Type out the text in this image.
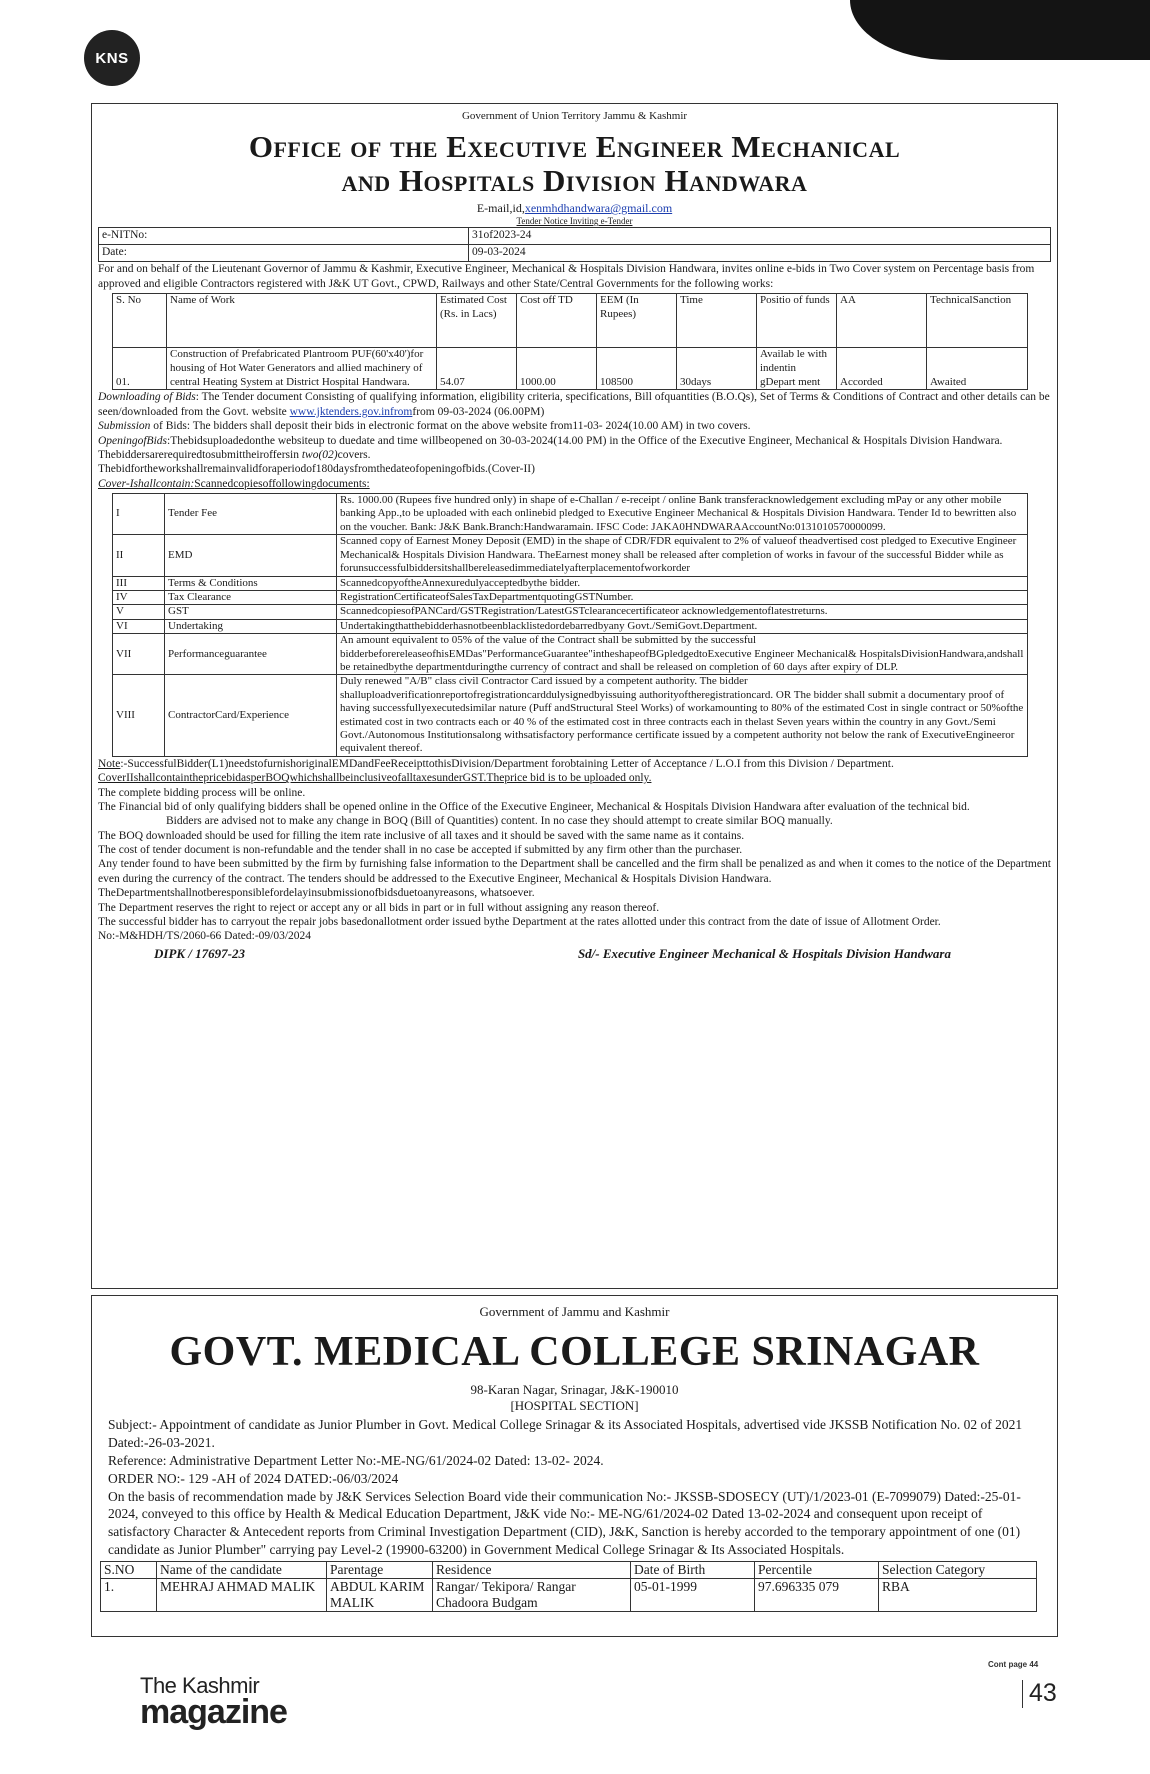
KNS
Government of Union Territory Jammu & Kashmir
Office of the Executive Engineer Mechanical
and Hospitals Division Handwara
E-mail,id,xenmhdhandwara@gmail.com
Tender Notice Inviting e-Tender
e-NITNo:	31of2023-24
Date:	09-03-2024

For and on behalf of the Lieutenant Governor of Jammu & Kashmir, Executive Engineer, Mechanical & Hospitals Division Handwara, invites online e-bids in Two Cover system on Percentage basis from approved and eligible Contractors registered with J&K UT Govt., CPWD, Railways and other State/Central Governments for the following works:

S. No	Name of Work	Estimated Cost (Rs. in Lacs)	Cost off TD	EEM (In Rupees)	Time	Positio of funds	AA	TechnicalSanction
01.	Construction of Prefabricated Plantroom PUF(60'x40')for housing of Hot Water Generators and allied machinery of central Heating System at District Hospital Handwara.	54.07	1000.00	108500	30days	Availab le with indentin gDepart ment	Accorded	Awaited

Downloading of Bids: The Tender document Consisting of qualifying information, eligibility criteria, specifications, Bill ofquantities (B.O.Qs), Set of Terms & Conditions of Contract and other details can be seen/downloaded from the Govt. website www.jktenders.gov.infromfrom 09-03-2024 (06.00PM)

Submission of Bids: The bidders shall deposit their bids in electronic format on the above website from11-03- 2024(10.00 AM) in two covers.

OpeningofBids:Thebidsuploadedonthe websiteup to duedate and time willbeopened on 30-03-2024(14.00 PM) in the Office of the Executive Engineer, Mechanical & Hospitals Division Handwara.

Thebiddersarerequiredtosubmittheiroffersin two(02)covers.

Thebidfortheworkshallremainvalidforaperiodof180daysfromthedateofopeningofbids.(Cover-II)

Cover-Ishallcontain:Scannedcopiesoffollowingdocuments:

I	Tender Fee	Rs. 1000.00 (Rupees five hundred only) in shape of e-Challan / e-receipt / online Bank transferacknowledgement excluding mPay or any other mobile banking App.,to be uploaded with each onlinebid pledged to Executive Engineer Mechanical & Hospitals Division Handwara. Tender Id to bewritten also on the voucher. Bank: J&K Bank.Branch:Handwaramain. IFSC Code: JAKA0HNDWARAAccountNo:0131010570000099.
II	EMD	Scanned copy of Earnest Money Deposit (EMD) in the shape of CDR/FDR equivalent to 2% of valueof theadvertised cost pledged to Executive Engineer Mechanical& Hospitals Division Handwara. TheEarnest money shall be released after completion of works in favour of the successful Bidder while as forunsuccessfulbiddersitshallbereleasedimmediatelyafterplacementofworkorder
III	Terms & Conditions	ScannedcopyoftheAnnexuredulyacceptedbythe bidder.
IV	Tax Clearance	RegistrationCertificateofSalesTaxDepartmentquotingGSTNumber.
V	GST	ScannedcopiesofPANCard/GSTRegistration/LatestGSTclearancecertificateor acknowledgementoflatestreturns.
VI	Undertaking	Undertakingthatthebidderhasnotbeenblacklistedordebarredbyany Govt./SemiGovt.Department.
VII	Performanceguarantee	An amount equivalent to 05% of the value of the Contract shall be submitted by the successful bidderbeforereleaseofhisEMDas"PerformanceGuarantee"intheshapeofBGpledgedtoExecutive Engineer Mechanical& HospitalsDivisionHandwara,andshall be retainedbythe departmentduringthe currency of contract and shall be released on completion of 60 days after expiry of DLP.
VIII	ContractorCard/Experience	Duly renewed "A/B" class civil Contractor Card issued by a competent authority. The bidder shalluploadverificationreportofregistrationcarddulysignedbyissuing authorityoftheregistrationcard. OR The bidder shall submit a documentary proof of having successfullyexecutedsimilar nature (Puff andStructural Steel Works) of workamounting to 80% of the estimated Cost in single contract or 50%ofthe estimated cost in two contracts each or 40 % of the estimated cost in three contracts each in thelast Seven years within the country in any Govt./Semi Govt./Autonomous Institutionsalong withsatisfactory performance certificate issued by a competent authority not below the rank of ExecutiveEngineeror equivalent thereof.

Note:-SuccessfulBidder(L1)needstofurnishoriginalEMDandFeeReceipttothisDivision/Department forobtaining Letter of Acceptance / L.O.I from this Division / Department.

CoverIIshallcontainthepricebidasperBOQwhichshallbeinclusiveofalltaxesunderGST.Theprice bid is to be uploaded only.

The complete bidding process will be online.

The Financial bid of only qualifying bidders shall be opened online in the Office of the Executive Engineer, Mechanical & Hospitals Division Handwara after evaluation of the technical bid.

Bidders are advised not to make any change in BOQ (Bill of Quantities) content. In no case they should attempt to create similar BOQ manually.

The BOQ downloaded should be used for filling the item rate inclusive of all taxes and it should be saved with the same name as it contains.

The cost of tender document is non-refundable and the tender shall in no case be accepted if submitted by any firm other than the purchaser.

Any tender found to have been submitted by the firm by furnishing false information to the Department shall be cancelled and the firm shall be penalized as and when it comes to the notice of the Department even during the currency of the contract. The tenders should be addressed to the Executive Engineer, Mechanical & Hospitals Division Handwara.

TheDepartmentshallnotberesponsiblefordelayinsubmissionofbidsduetoanyreasons, whatsoever.

The Department reserves the right to reject or accept any or all bids in part or in full without assigning any reason thereof.

The successful bidder has to carryout the repair jobs basedonallotment order issued bythe Department at the rates allotted under this contract from the date of issue of Allotment Order.

No:-M&HDH/TS/2060-66 Dated:-09/03/2024

DIPK / 17697-23	Sd/- Executive Engineer Mechanical & Hospitals Division Handwara
Government of Jammu and Kashmir
GOVT. MEDICAL COLLEGE SRINAGAR
98-Karan Nagar, Srinagar, J&K-190010
[HOSPITAL SECTION]

Subject:- Appointment of candidate as Junior Plumber in Govt. Medical College Srinagar & its Associated Hospitals, advertised vide JKSSB Notification No. 02 of 2021 Dated:-26-03-2021.

Reference: Administrative Department Letter No:-ME-NG/61/2024-02 Dated: 13-02- 2024.

ORDER NO:- 129 -AH of 2024 DATED:-06/03/2024

On the basis of recommendation made by J&K Services Selection Board vide their communication No:- JKSSB-SDOSECY (UT)/1/2023-01 (E-7099079) Dated:-25-01-2024, conveyed to this office by Health & Medical Education Department, J&K vide No:- ME-NG/61/2024-02 Dated 13-02-2024 and consequent upon receipt of satisfactory Character & Antecedent reports from Criminal Investigation Department (CID), J&K, Sanction is hereby accorded to the temporary appointment of one (01) candidate as Junior Plumber" carrying pay Level-2 (19900-63200) in Government Medical College Srinagar & Its Associated Hospitals.

S.NO	Name of the candidate	Parentage	Residence	Date of Birth	Percentile	Selection Category
1.	MEHRAJ AHMAD MALIK	ABDUL KARIM MALIK	Rangar/ Tekipora/ Rangar Chadoora Budgam	05-01-1999	97.696335 079	RBA
Cont page 44
The Kashmir
magazine	43
